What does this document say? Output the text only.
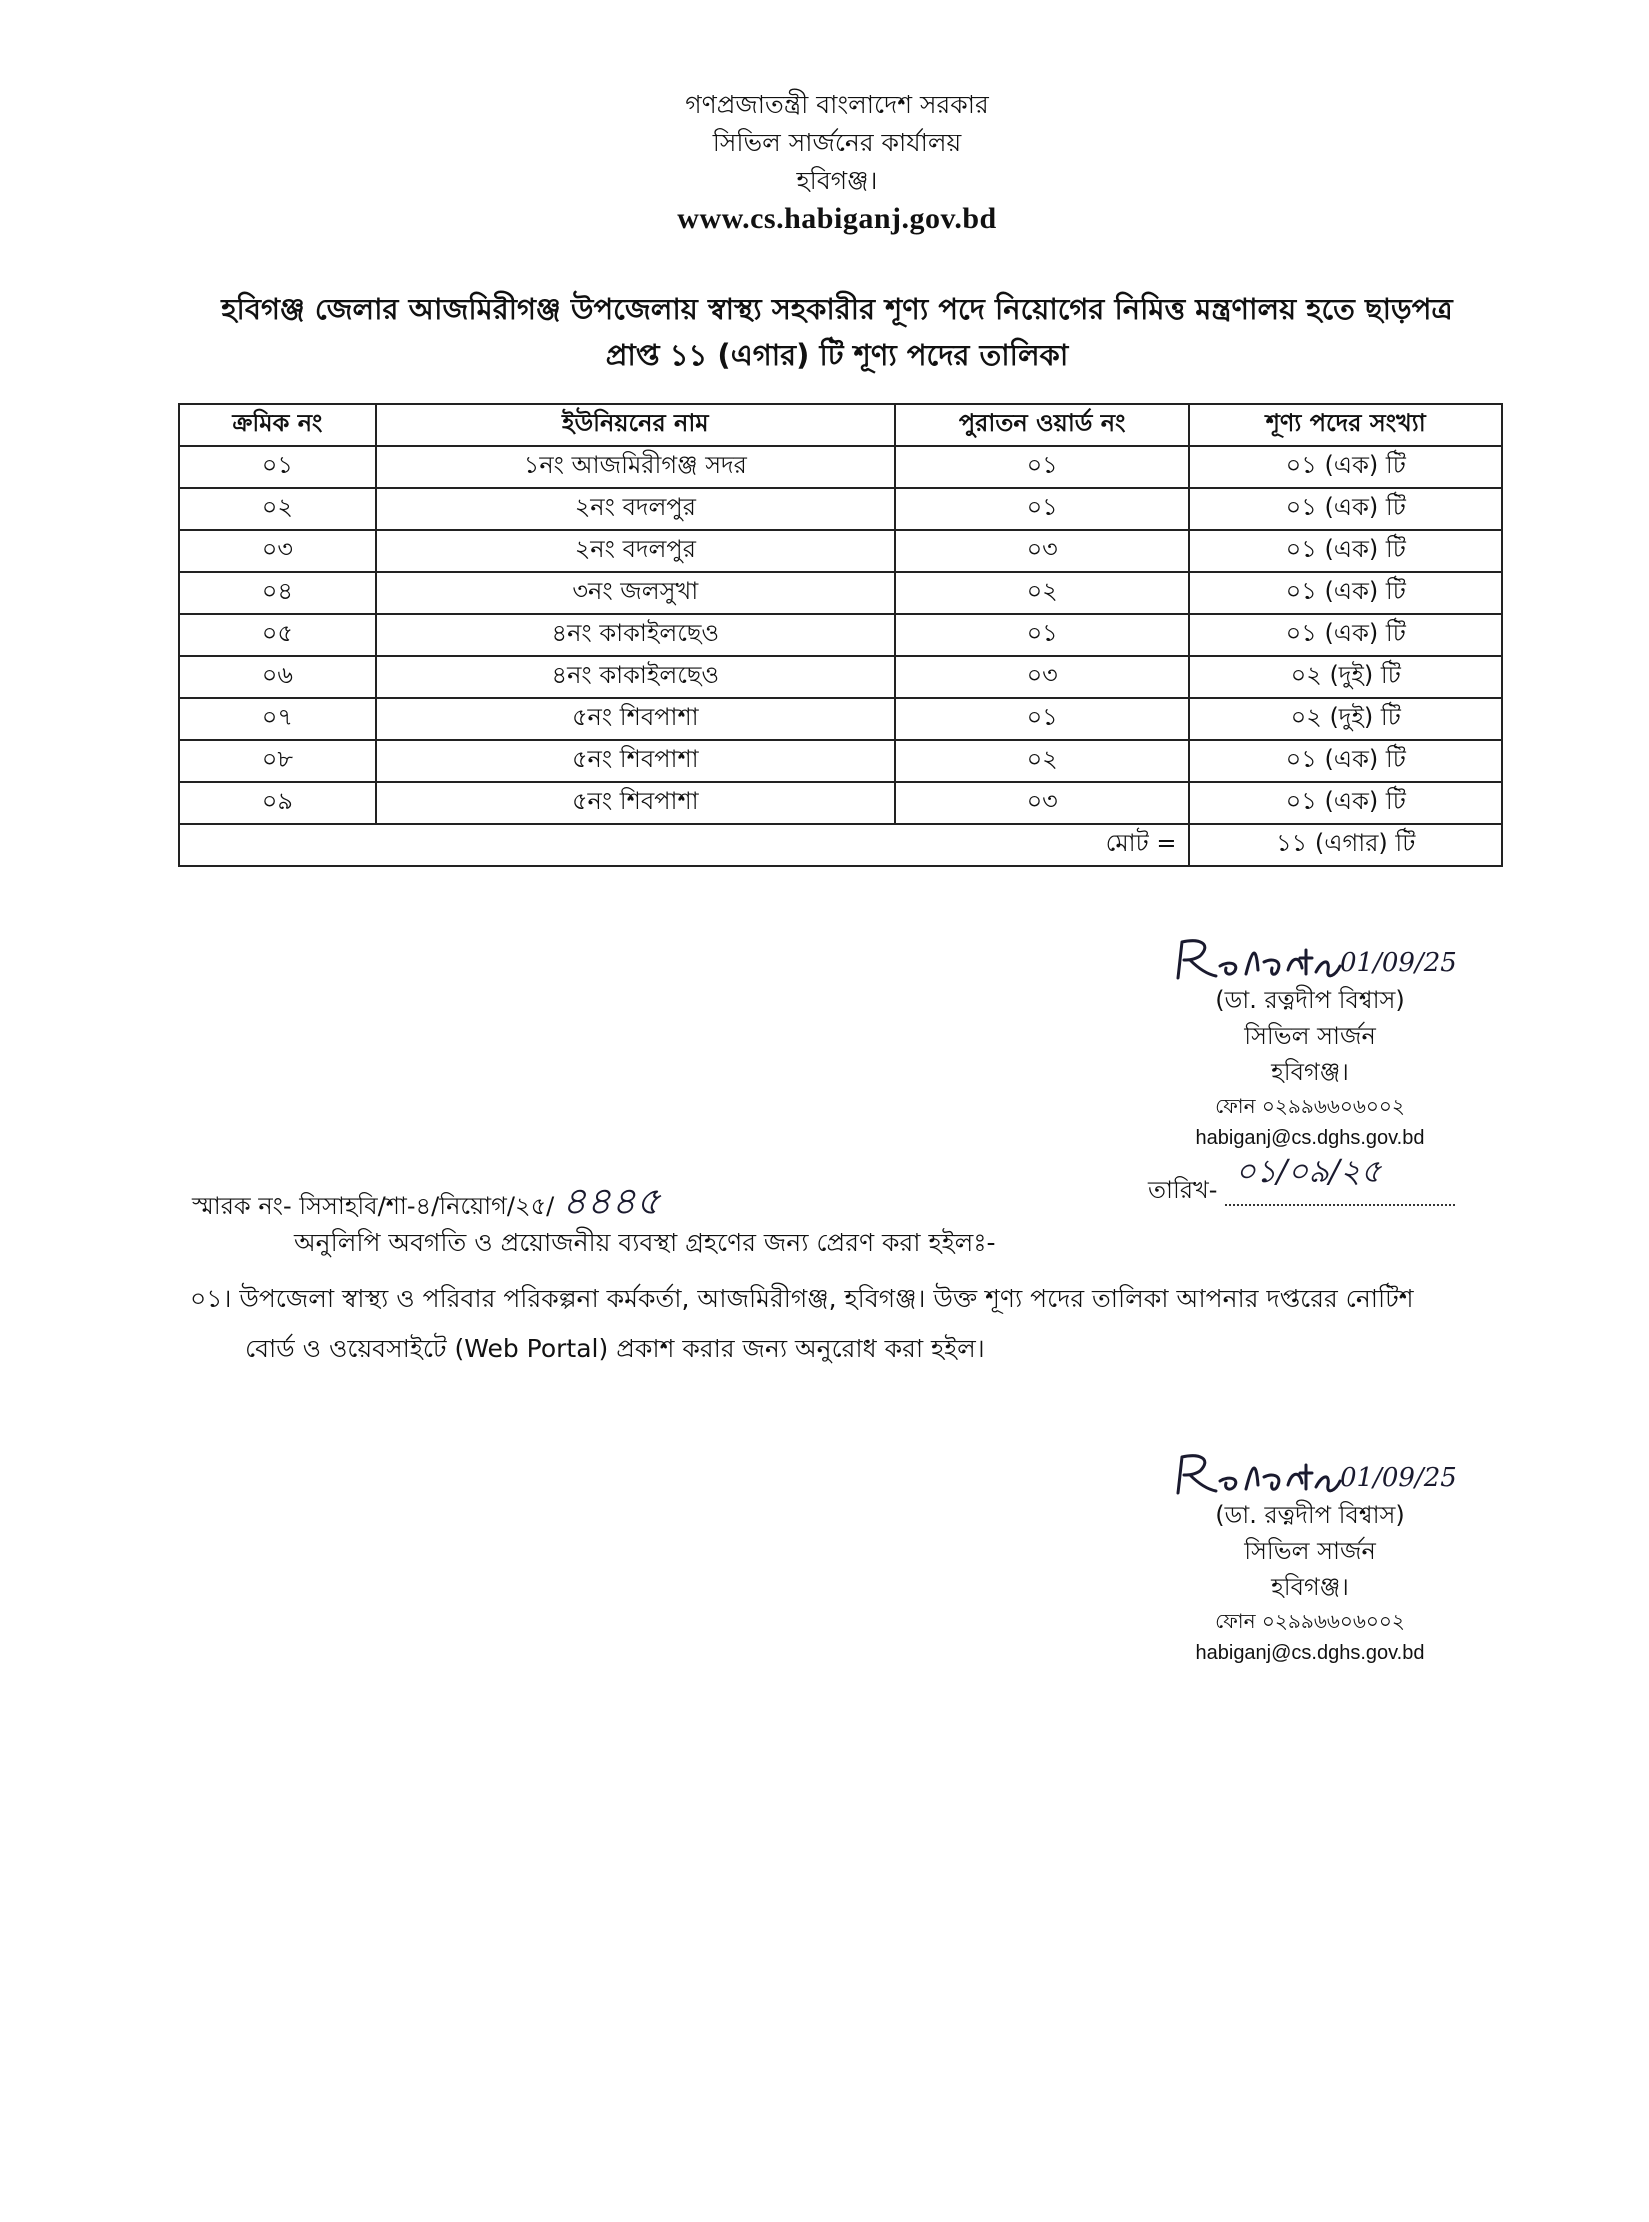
গণপ্রজাতন্ত্রী বাংলাদেশ সরকার
সিভিল সার্জনের কার্যালয়
হবিগঞ্জ।
www.cs.habiganj.gov.bd
হবিগঞ্জ জেলার আজমিরীগঞ্জ উপজেলায় স্বাস্থ্য সহকারীর শূণ্য পদে নিয়োগের নিমিত্ত মন্ত্রণালয় হতে ছাড়পত্র
প্রাপ্ত ১১ (এগার) টি শূণ্য পদের তালিকা
ক্রমিক নং	ইউনিয়নের নাম	পুরাতন ওয়ার্ড নং	শূণ্য পদের সংখ্যা
০১	১নং আজমিরীগঞ্জ সদর	০১	০১ (এক) টি
০২	২নং বদলপুর	০১	০১ (এক) টি
০৩	২নং বদলপুর	০৩	০১ (এক) টি
০৪	৩নং জলসুখা	০২	০১ (এক) টি
০৫	৪নং কাকাইলছেও	০১	০১ (এক) টি
০৬	৪নং কাকাইলছেও	০৩	০২ (দুই) টি
০৭	৫নং শিবপাশা	০১	০২ (দুই) টি
০৮	৫নং শিবপাশা	০২	০১ (এক) টি
০৯	৫নং শিবপাশা	০৩	০১ (এক) টি
মোট =			১১ (এগার) টি
01/09/25
(ডা. রত্নদীপ বিশ্বাস)
সিভিল সার্জন
হবিগঞ্জ।
ফোন ০২৯৯৬৬০৬০০২
habiganj@cs.dghs.gov.bd
স্মারক নং- সিসাহবি/শা-৪/নিয়োগ/২৫/ ৪৪৪৫	তারিখ- ০১/০৯/২৫

অনুলিপি অবগতি ও প্রয়োজনীয় ব্যবস্থা গ্রহণের জন্য প্রেরণ করা হইলঃ-
০১। উপজেলা স্বাস্থ্য ও পরিবার পরিকল্পনা কর্মকর্তা, আজমিরীগঞ্জ, হবিগঞ্জ। উক্ত শূণ্য পদের তালিকা আপনার দপ্তরের নোটিশ
বোর্ড ও ওয়েবসাইটে (Web Portal) প্রকাশ করার জন্য অনুরোধ করা হইল।
01/09/25
(ডা. রত্নদীপ বিশ্বাস)
সিভিল সার্জন
হবিগঞ্জ।
ফোন ০২৯৯৬৬০৬০০২
habiganj@cs.dghs.gov.bd
